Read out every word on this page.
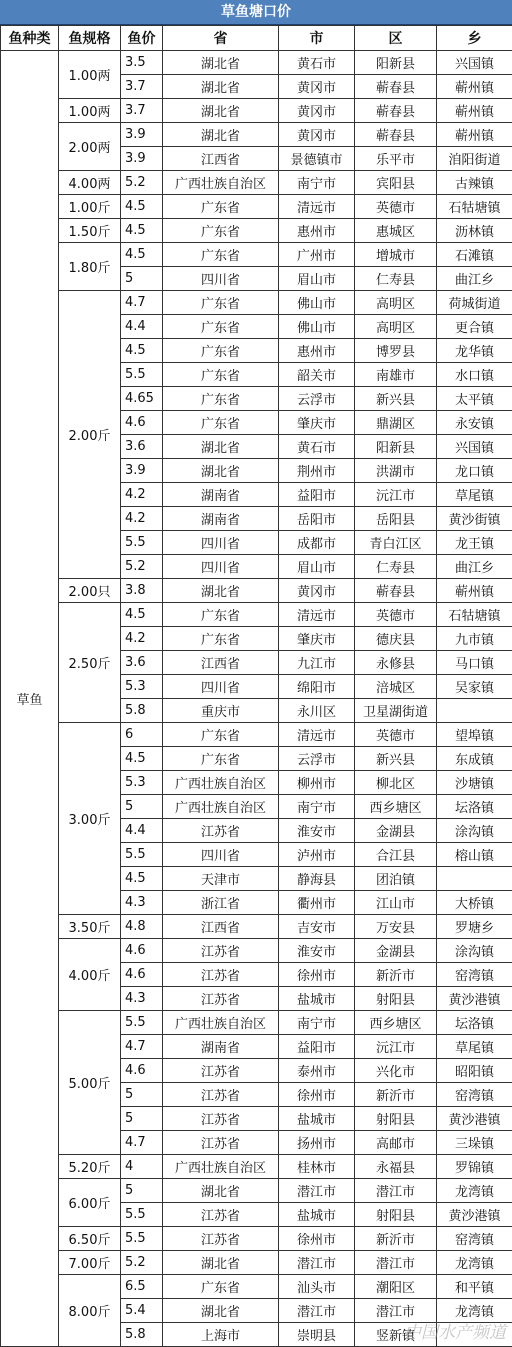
草鱼塘口价
鱼种类	鱼规格	鱼价	省	市	区	乡
草鱼	1.00两	3.5	湖北省	黄石市	阳新县	兴国镇
		3.7	湖北省	黄冈市	蕲春县	蕲州镇
	1.00两	3.7	湖北省	黄冈市	蕲春县	蕲州镇
	2.00两	3.9	湖北省	黄冈市	蕲春县	蕲州镇
		3.9	江西省	景德镇市	乐平市	洎阳街道
	4.00两	5.2	广西壮族自治区	南宁市	宾阳县	古辣镇
	1.00斤	4.5	广东省	清远市	英德市	石牯塘镇
	1.50斤	4.5	广东省	惠州市	惠城区	沥林镇
	1.80斤	4.5	广东省	广州市	增城市	石滩镇
		5	四川省	眉山市	仁寿县	曲江乡
	2.00斤	4.7	广东省	佛山市	高明区	荷城街道
		4.4	广东省	佛山市	高明区	更合镇
		4.5	广东省	惠州市	博罗县	龙华镇
		5.5	广东省	韶关市	南雄市	水口镇
		4.65	广东省	云浮市	新兴县	太平镇
		4.6	广东省	肇庆市	鼎湖区	永安镇
		3.6	湖北省	黄石市	阳新县	兴国镇
		3.9	湖北省	荆州市	洪湖市	龙口镇
		4.2	湖南省	益阳市	沅江市	草尾镇
		4.2	湖南省	岳阳市	岳阳县	黄沙街镇
		5.5	四川省	成都市	青白江区	龙王镇
		5.2	四川省	眉山市	仁寿县	曲江乡
	2.00只	3.8	湖北省	黄冈市	蕲春县	蕲州镇
	2.50斤	4.5	广东省	清远市	英德市	石牯塘镇
		4.2	广东省	肇庆市	德庆县	九市镇
		3.6	江西省	九江市	永修县	马口镇
		5.3	四川省	绵阳市	涪城区	吴家镇
		5.8	重庆市	永川区	卫星湖街道	
	3.00斤	6	广东省	清远市	英德市	望埠镇
		4.5	广东省	云浮市	新兴县	东成镇
		5.3	广西壮族自治区	柳州市	柳北区	沙塘镇
		5	广西壮族自治区	南宁市	西乡塘区	坛洛镇
		4.4	江苏省	淮安市	金湖县	涂沟镇
		5.5	四川省	泸州市	合江县	榕山镇
		4.5	天津市	静海县	团泊镇	
		4.3	浙江省	衢州市	江山市	大桥镇
	3.50斤	4.8	江西省	吉安市	万安县	罗塘乡
	4.00斤	4.6	江苏省	淮安市	金湖县	涂沟镇
		4.6	江苏省	徐州市	新沂市	窑湾镇
		4.3	江苏省	盐城市	射阳县	黄沙港镇
	5.00斤	5.5	广西壮族自治区	南宁市	西乡塘区	坛洛镇
		4.7	湖南省	益阳市	沅江市	草尾镇
		4.6	江苏省	泰州市	兴化市	昭阳镇
		5	江苏省	徐州市	新沂市	窑湾镇
		5	江苏省	盐城市	射阳县	黄沙港镇
		4.7	江苏省	扬州市	高邮市	三垛镇
	5.20斤	4	广西壮族自治区	桂林市	永福县	罗锦镇
	6.00斤	5	湖北省	潜江市	潜江市	龙湾镇
		5.5	江苏省	盐城市	射阳县	黄沙港镇
	6.50斤	5.5	江苏省	徐州市	新沂市	窑湾镇
	7.00斤	5.2	湖北省	潜江市	潜江市	龙湾镇
	8.00斤	6.5	广东省	汕头市	潮阳区	和平镇
		5.4	湖北省	潜江市	潜江市	龙湾镇
		5.8	上海市	崇明县	竖新镇	
中国水产频道
